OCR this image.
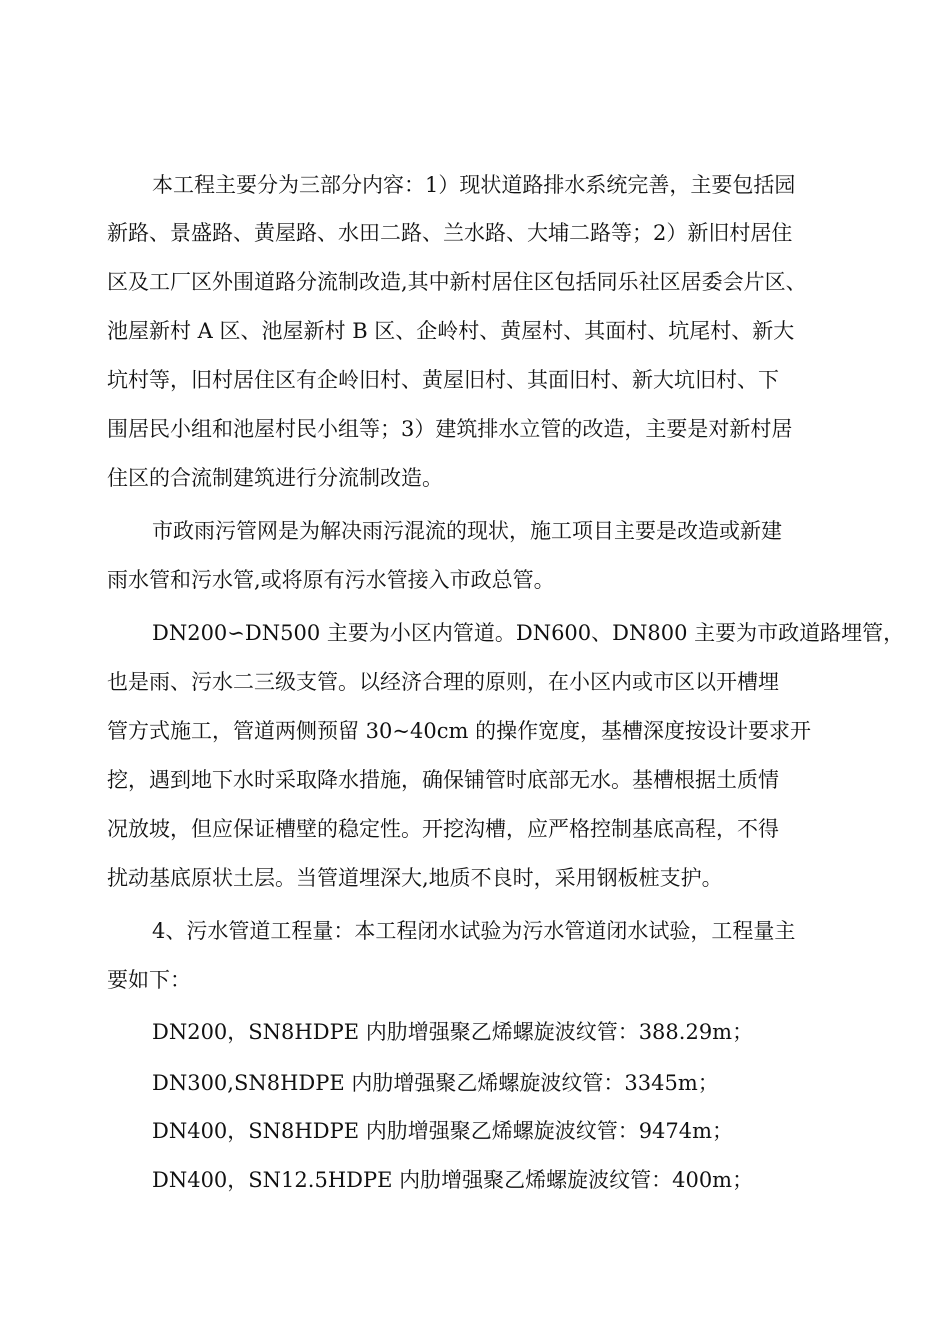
本工程主要分为三部分内容：1）现状道路排水系统完善，主要包括园
新路、景盛路、黄屋路、水田二路、兰水路、大埔二路等；2）新旧村居住
区及工厂区外围道路分流制改造,其中新村居住区包括同乐社区居委会片区、
池屋新村 A 区、池屋新村 B 区、企岭村、黄屋村、其面村、坑尾村、新大
坑村等，旧村居住区有企岭旧村、黄屋旧村、其面旧村、新大坑旧村、下
围居民小组和池屋村民小组等；3）建筑排水立管的改造，主要是对新村居
住区的合流制建筑进行分流制改造。
市政雨污管网是为解决雨污混流的现状，施工项目主要是改造或新建
雨水管和污水管,或将原有污水管接入市政总管。
DN200∽DN500 主要为小区内管道。DN600、DN800 主要为市政道路埋管，
也是雨、污水二三级支管。以经济合理的原则，在小区内或市区以开槽埋
管方式施工，管道两侧预留 30~40cm 的操作宽度，基槽深度按设计要求开
挖，遇到地下水时采取降水措施，确保铺管时底部无水。基槽根据土质情
况放坡，但应保证槽壁的稳定性。开挖沟槽，应严格控制基底高程，不得
扰动基底原状土层。当管道埋深大,地质不良时，采用钢板桩支护。
4、污水管道工程量：本工程闭水试验为污水管道闭水试验，工程量主
要如下：
DN200，SN8HDPE 内肋增强聚乙烯螺旋波纹管：388.29m；
DN300,SN8HDPE 内肋增强聚乙烯螺旋波纹管：3345m；
DN400，SN8HDPE 内肋增强聚乙烯螺旋波纹管：9474m；
DN400，SN12.5HDPE 内肋增强聚乙烯螺旋波纹管：400m；
